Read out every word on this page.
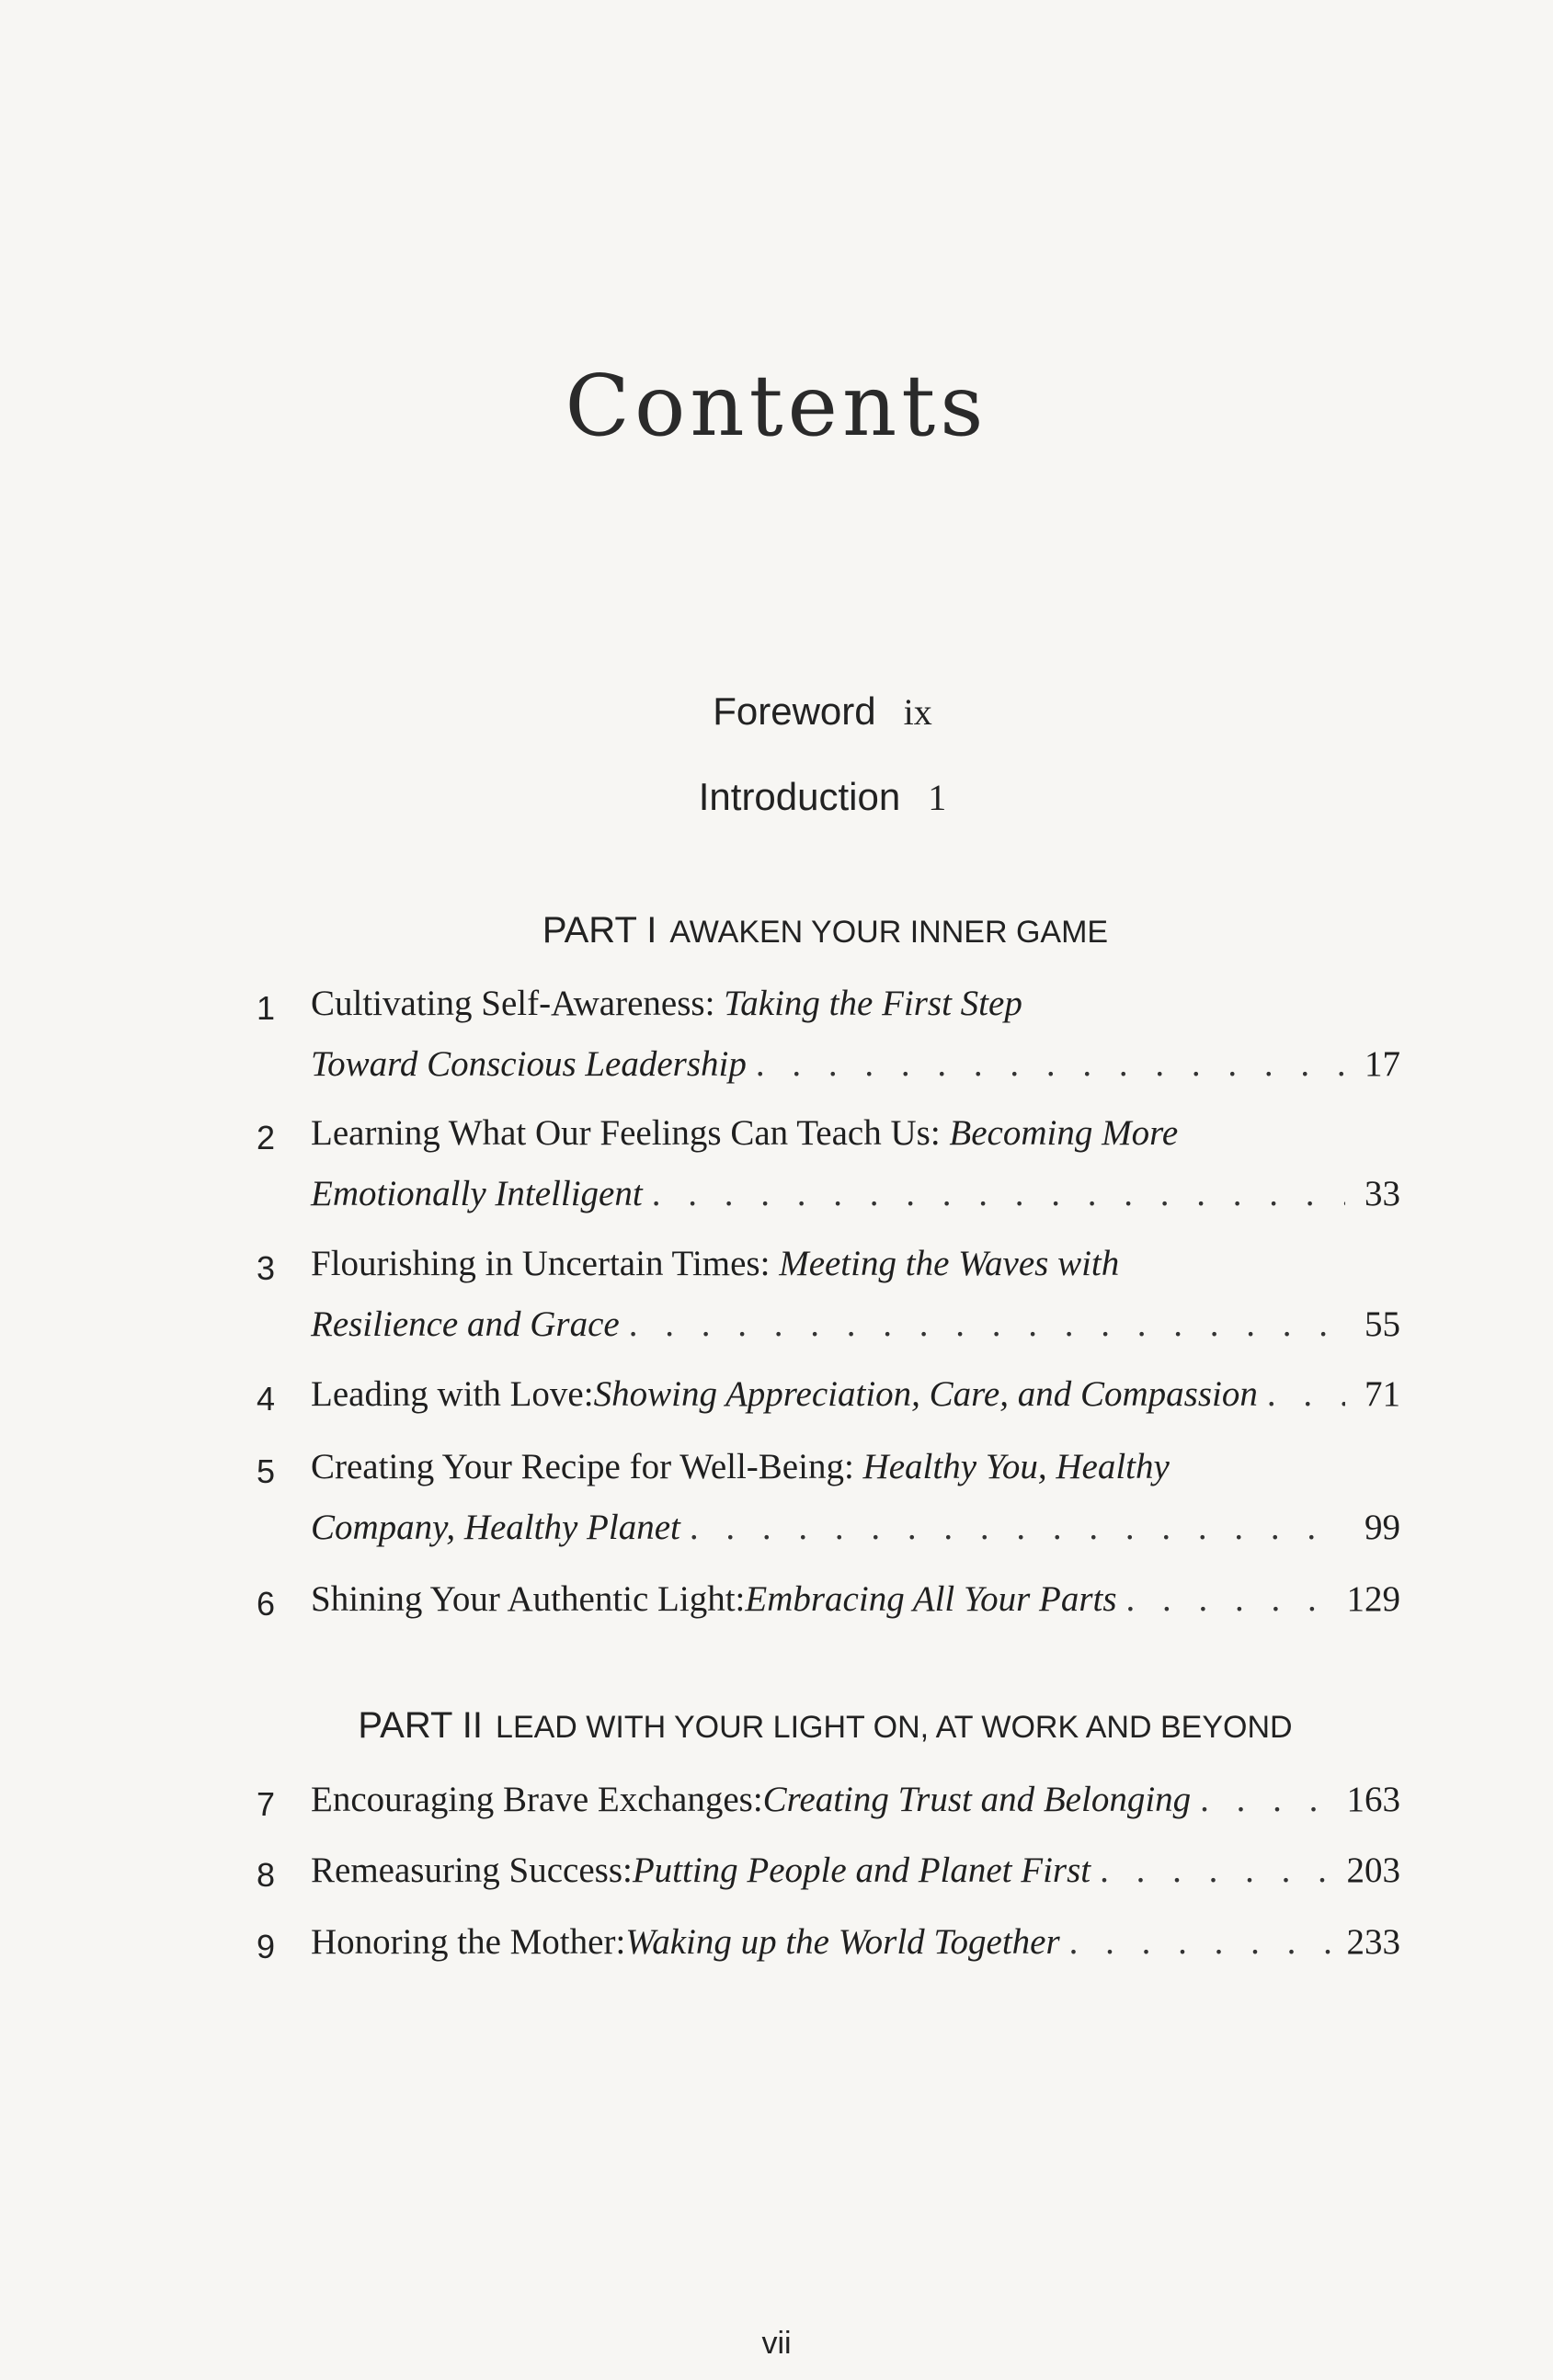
Contents
Foreword ix
Introduction 1
PART I AWAKEN YOUR INNER GAME
1 Cultivating Self-Awareness: Taking the First Step
Toward Conscious Leadership . . .	17
2 Learning What Our Feelings Can Teach Us: Becoming More
Emotionally Intelligent . . .	33
3 Flourishing in Uncertain Times: Meeting the Waves with
Resilience and Grace . . .	55
4 Leading with Love: Showing Appreciation, Care, and Compassion . . .	71
5 Creating Your Recipe for Well-Being: Healthy You, Healthy
Company, Healthy Planet . . .	99
6 Shining Your Authentic Light: Embracing All Your Parts . . .	129
PART II LEAD WITH YOUR LIGHT ON, AT WORK AND BEYOND
7 Encouraging Brave Exchanges: Creating Trust and Belonging . . .	163
8 Remeasuring Success: Putting People and Planet First . . .	203
9 Honoring the Mother: Waking up the World Together . . .	233
vii
